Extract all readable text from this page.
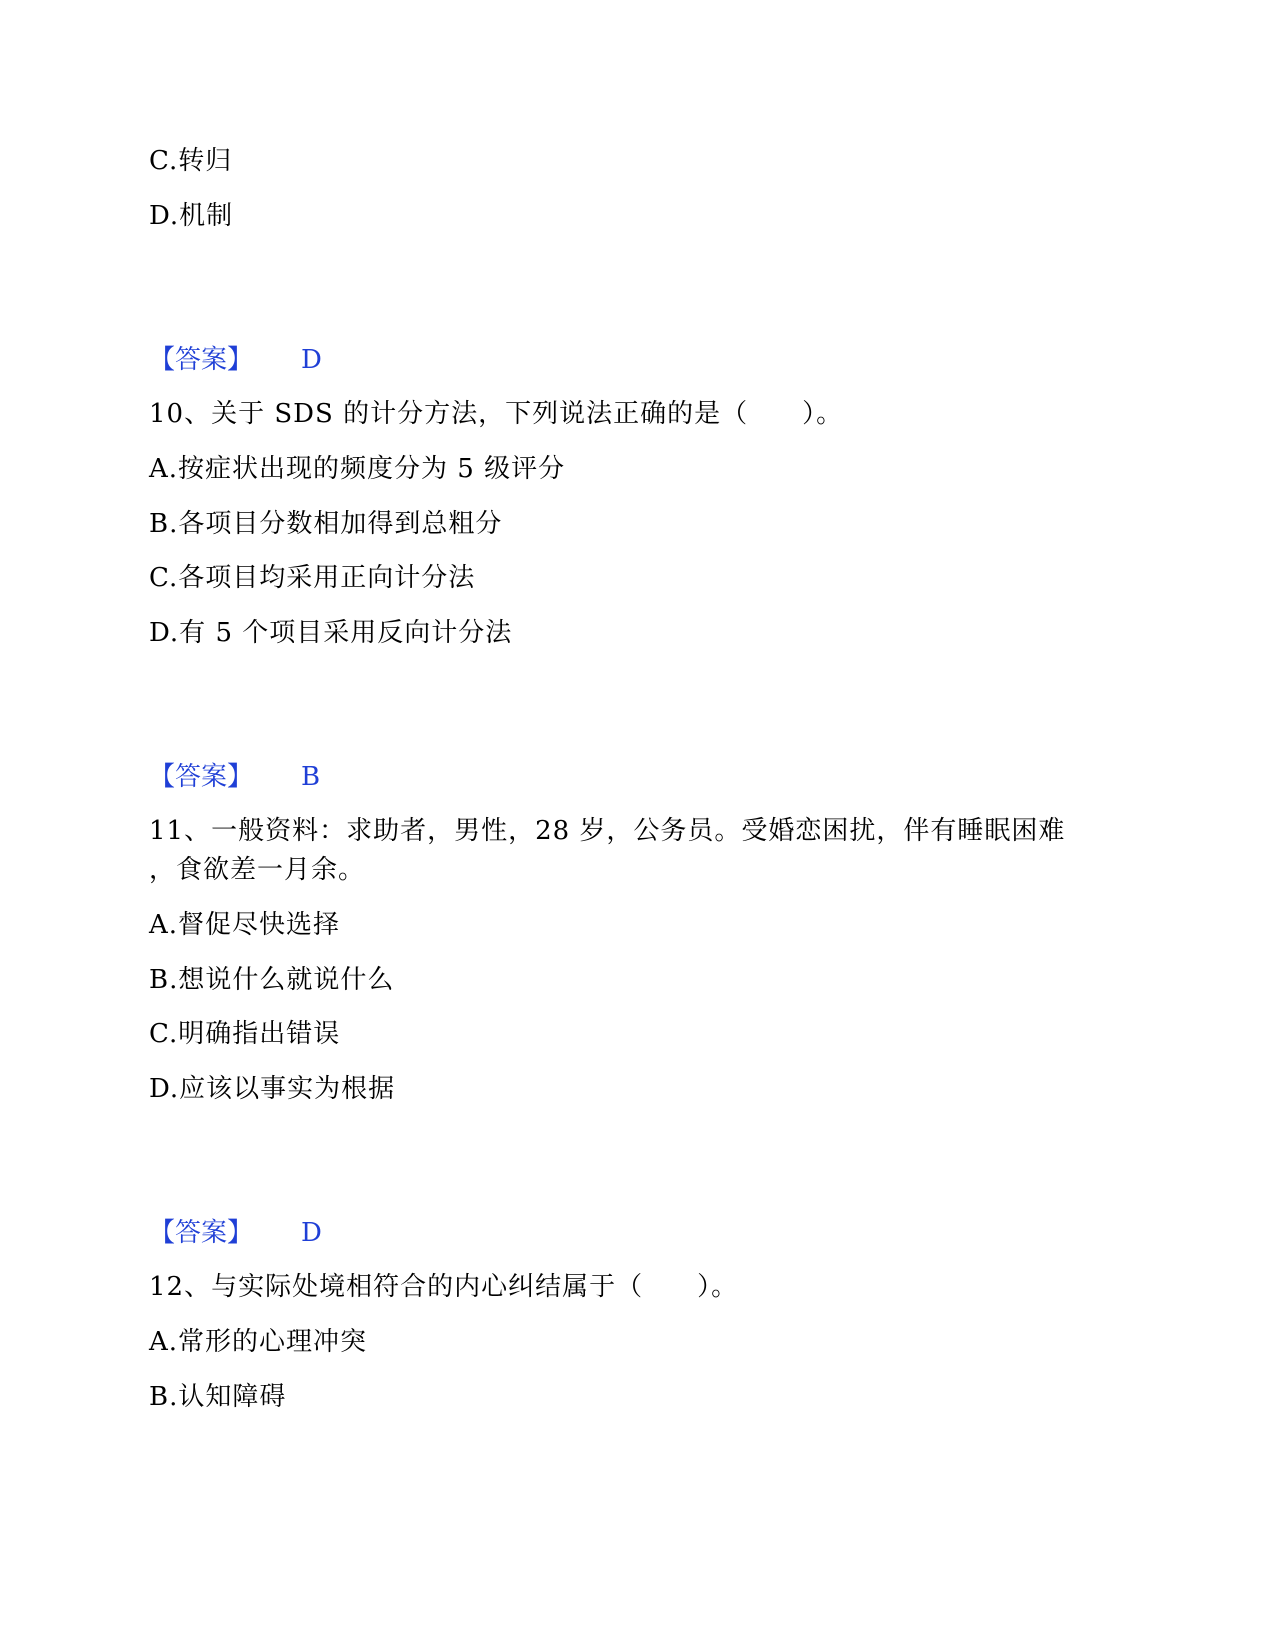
C.转归
D.机制
【答案】 D
10、关于 SDS 的计分方法，下列说法正确的是（　　）。
A.按症状出现的频度分为 5 级评分
B.各项目分数相加得到总粗分
C.各项目均采用正向计分法
D.有 5 个项目采用反向计分法
【答案】 B
11、一般资料：求助者，男性，28 岁，公务员。受婚恋困扰，伴有睡眠困难
，食欲差一月余。
A.督促尽快选择
B.想说什么就说什么
C.明确指出错误
D.应该以事实为根据
【答案】 D
12、与实际处境相符合的内心纠结属于（　　）。
A.常形的心理冲突
B.认知障碍
